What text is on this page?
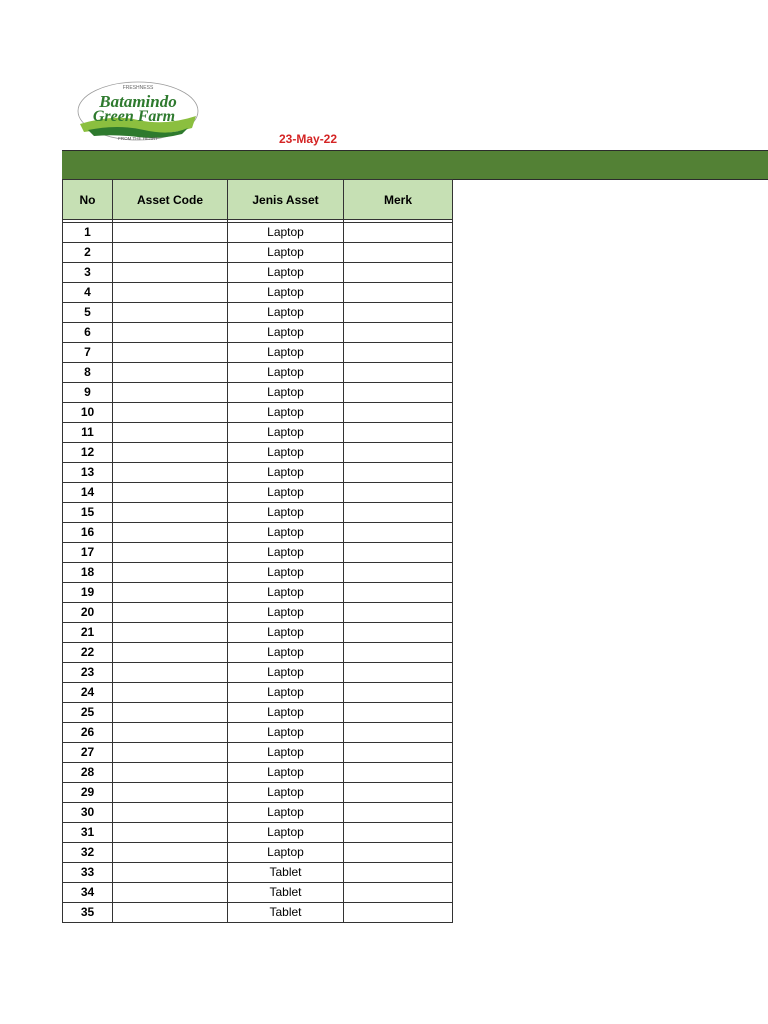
FRESHNESS
Batamindo
Green Farm
FROM THE HEART	23-May-22
No	Asset Code	Jenis Asset	Merk

1		Laptop	
2		Laptop	
3		Laptop	
4		Laptop	
5		Laptop	
6		Laptop	
7		Laptop	
8		Laptop	
9		Laptop	
10		Laptop	
11		Laptop	
12		Laptop	
13		Laptop	
14		Laptop	
15		Laptop	
16		Laptop	
17		Laptop	
18		Laptop	
19		Laptop	
20		Laptop	
21		Laptop	
22		Laptop	
23		Laptop	
24		Laptop	
25		Laptop	
26		Laptop	
27		Laptop	
28		Laptop	
29		Laptop	
30		Laptop	
31		Laptop	
32		Laptop	
33		Tablet	
34		Tablet	
35		Tablet	
